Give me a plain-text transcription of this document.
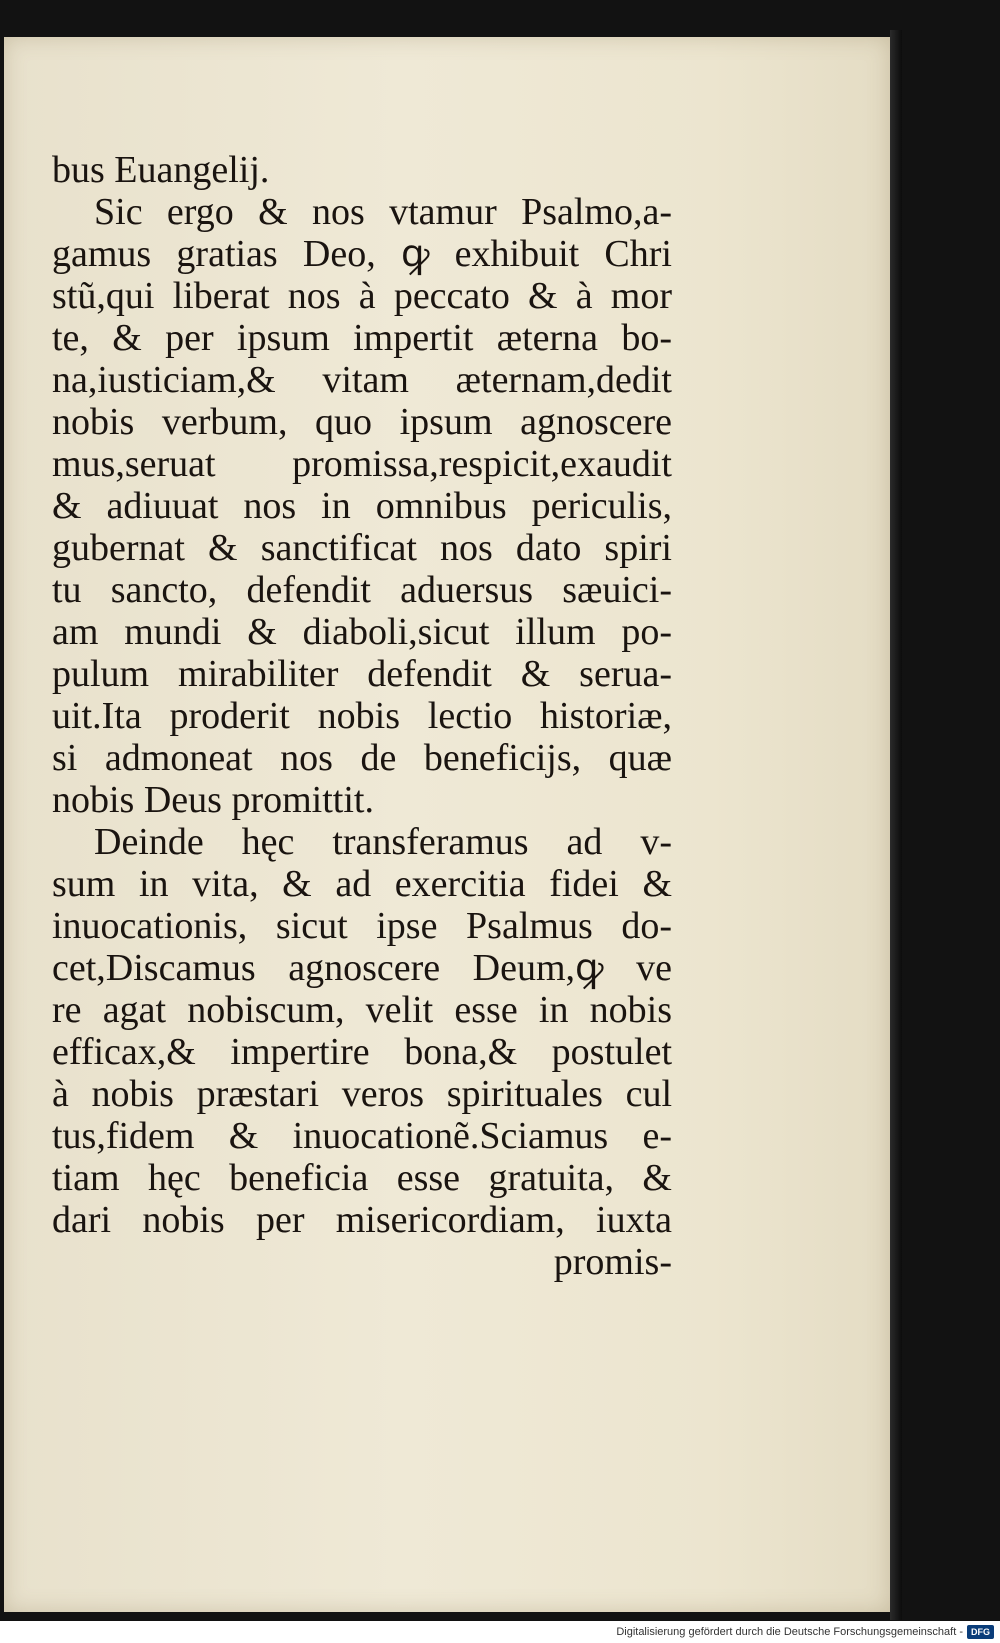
bus Euangelij.
Sic ergo & nos vtamur Psalmo,a-
gamus gratias Deo, ꝙ exhibuit Chri
stũ,qui liberat nos à peccato & à mor
te, & per ipsum impertit æterna bo-
na,iusticiam,& vitam æternam,dedit
nobis verbum, quo ipsum agnoscere
mus,seruat promissa,respicit,exaudit
& adiuuat nos in omnibus periculis,
gubernat & sanctificat nos dato spiri
tu sancto, defendit aduersus sæuici-
am mundi & diaboli,sicut illum po-
pulum mirabiliter defendit & serua-
uit.Ita proderit nobis lectio historiæ,
si admoneat nos de beneficijs, quæ
nobis Deus promittit.
Deinde hęc transferamus ad v-
sum in vita, & ad exercitia fidei &
inuocationis, sicut ipse Psalmus do-
cet,Discamus agnoscere Deum,ꝙ ve
re agat nobiscum, velit esse in nobis
efficax,& impertire bona,& postulet
à nobis præstari veros spirituales cul
tus,fidem & inuocationẽ.Sciamus e-
tiam hęc beneficia esse gratuita, &
dari nobis per misericordiam, iuxta
promis-
Digitalisierung gefördert durch die Deutsche Forschungsgemeinschaft - DFG
